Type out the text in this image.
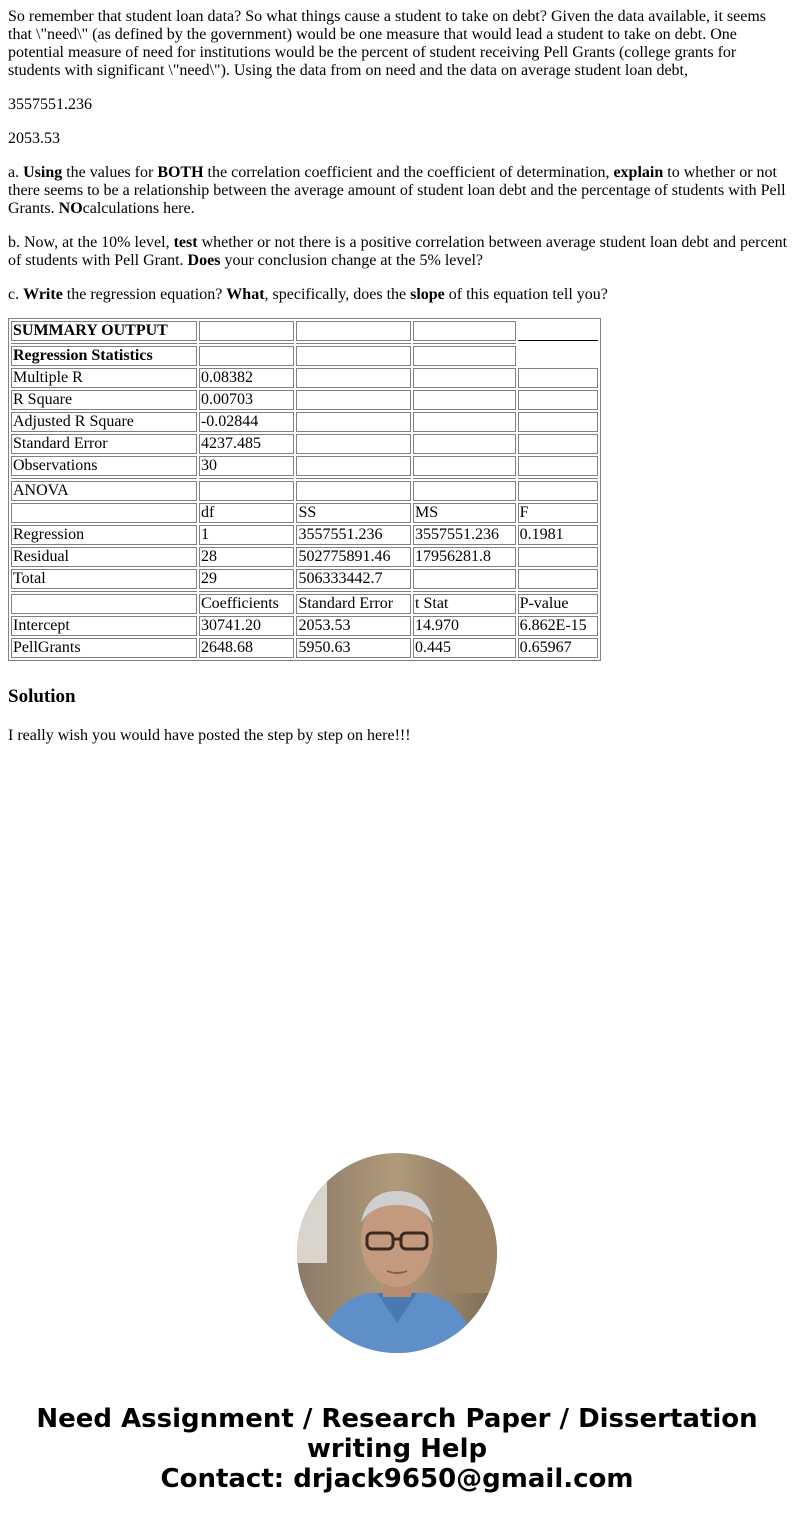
So remember that student loan data? So what things cause a student to take on debt? Given the data available, it seems that \"need\" (as defined by the government) would be one measure that would lead a student to take on debt. One potential measure of need for institutions would be the percent of student receiving Pell Grants (college grants for students with significant \"need\"). Using the data from on need and the data on average student loan debt,

3557551.236

2053.53

a. Using the values for BOTH the correlation coefficient and the coefficient of determination, explain to whether or not there seems to be a relationship between the average amount of student loan debt and the percentage of students with Pell Grants. NOcalculations here.

b. Now, at the 10% level, test whether or not there is a positive correlation between average student loan debt and percent of students with Pell Grant. Does your conclusion change at the 5% level?

c. Write the regression equation? What, specifically, does the slope of this equation tell you?

SUMMARY OUTPUT				

Regression Statistics				
Multiple R	0.08382			
R Square	0.00703			
Adjusted R Square	-0.02844			
Standard Error	4237.485			
Observations	30			

ANOVA				
	df	SS	MS	F
Regression	1	3557551.236	3557551.236	0.1981
Residual	28	502775891.46	17956281.8	
Total	29	506333442.7		

	Coefficients	Standard Error	t Stat	P-value
Intercept	30741.20	2053.53	14.970	6.862E-15
PellGrants	2648.68	5950.63	0.445	0.65967
Solution

I really wish you would have posted the step by step on here!!!

Need Assignment / Research Paper / Dissertation writing Help
Contact: drjack9650@gmail.com
